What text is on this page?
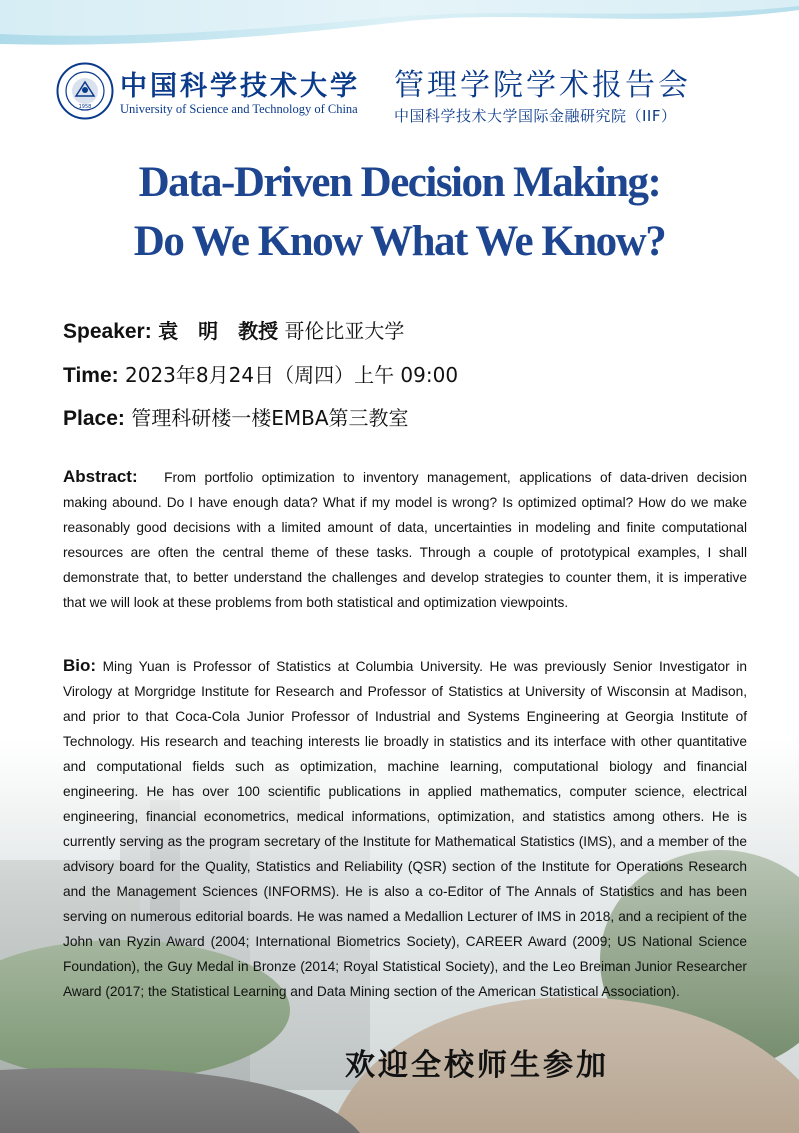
1958
中国科学技术大学
University of Science and Technology of China
管理学院学术报告会
中国科学技术大学国际金融研究院（IIF）
Data-Driven Decision Making:
Do We Know What We Know?
Speaker: 袁　明　教授 哥伦比亚大学
Time: 2023年8月24日（周四）上午 09:00
Place: 管理科研楼一楼EMBA第三教室
Abstract: From portfolio optimization to inventory management, applications of data-driven decision making abound. Do I have enough data? What if my model is wrong? Is optimized optimal? How do we make reasonably good decisions with a limited amount of data, uncertainties in modeling and finite computational resources are often the central theme of these tasks. Through a couple of prototypical examples, I shall demonstrate that, to better understand the challenges and develop strategies to counter them, it is imperative that we will look at these problems from both statistical and optimization viewpoints.
Bio: Ming Yuan is Professor of Statistics at Columbia University. He was previously Senior Investigator in Virology at Morgridge Institute for Research and Professor of Statistics at University of Wisconsin at Madison, and prior to that Coca-Cola Junior Professor of Industrial and Systems Engineering at Georgia Institute of Technology. His research and teaching interests lie broadly in statistics and its interface with other quantitative and computational fields such as optimization, machine learning, computational biology and financial engineering. He has over 100 scientific publications in applied mathematics, computer science, electrical engineering, financial econometrics, medical informations, optimization, and statistics among others. He is currently serving as the program secretary of the Institute for Mathematical Statistics (IMS), and a member of the advisory board for the Quality, Statistics and Reliability (QSR) section of the Institute for Operations Research and the Management Sciences (INFORMS). He is also a co-Editor of The Annals of Statistics and has been serving on numerous editorial boards. He was named a Medallion Lecturer of IMS in 2018, and a recipient of the John van Ryzin Award (2004; International Biometrics Society), CAREER Award (2009; US National Science Foundation), the Guy Medal in Bronze (2014; Royal Statistical Society), and the Leo Breiman Junior Researcher Award (2017; the Statistical Learning and Data Mining section of the American Statistical Association).
欢迎全校师生参加
